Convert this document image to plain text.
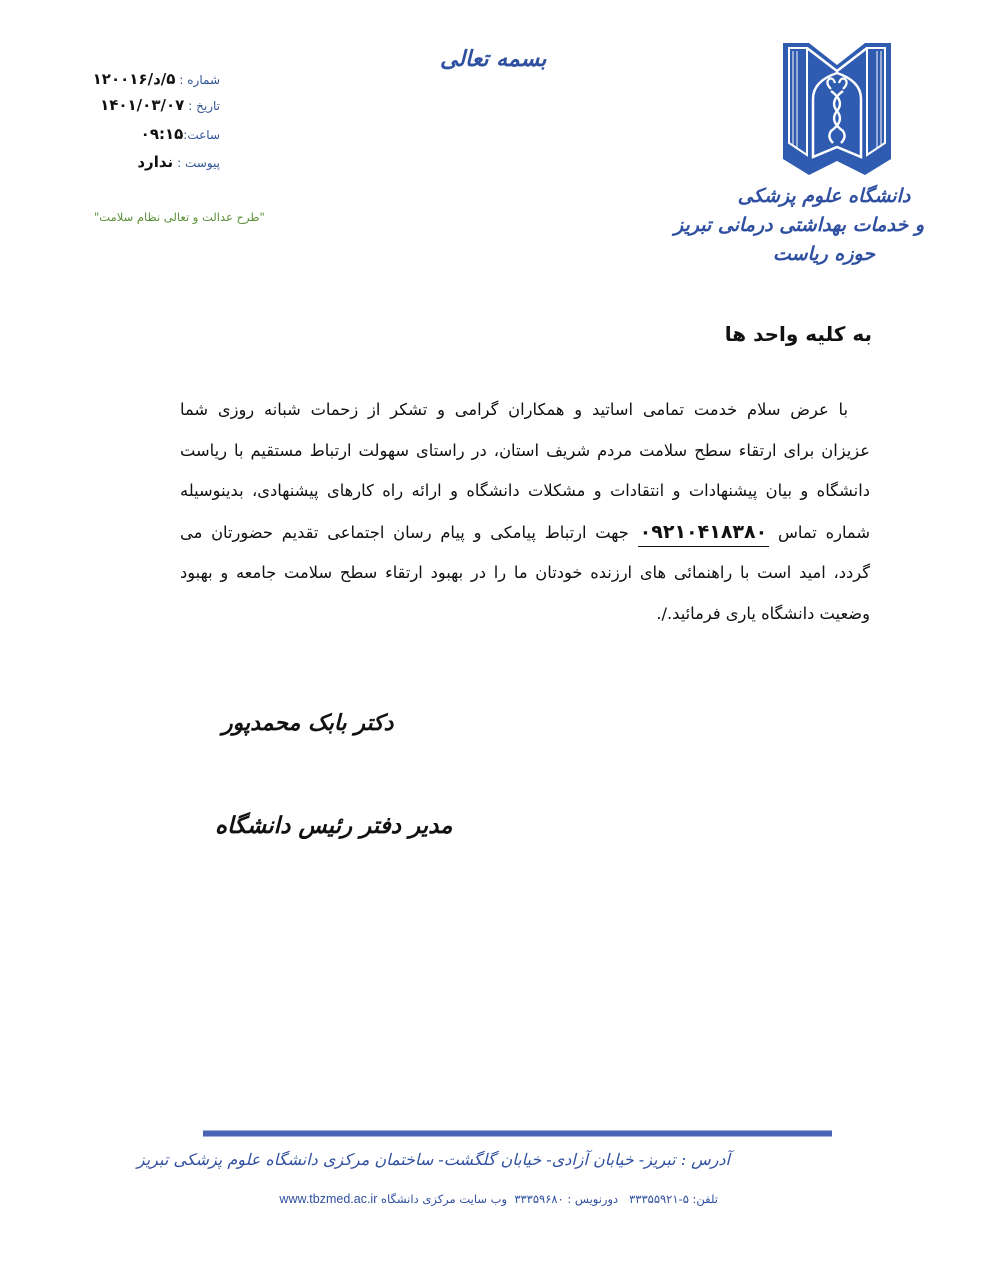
بسمه تعالی
شماره :۵/د/۱۲۰۰۱۶
تاریخ :۱۴۰۱/۰۳/۰۷
ساعت:۰۹:۱۵
پیوست :ندارد
"طرح عدالت و تعالی نظام سلامت"
دانشگاه علوم پزشکی
و خدمات بهداشتی درمانی تبریز
حوزه ریاست
به کلیه واحد ها
با عرض سلام خدمت تمامی اساتید و همکاران گرامی و تشکر از زحمات شبانه روزی شما
عزیزان برای ارتقاء سطح سلامت مردم شریف استان، در راستای سهولت ارتباط مستقیم با ریاست
دانشگاه و بیان پیشنهادات و انتقادات و مشکلات دانشگاه و ارائه راه کارهای پیشنهادی، بدینوسیله
شماره تماس ۰۹۲۱۰۴۱۸۳۸۰ جهت ارتباط پیامکی و پیام رسان اجتماعی تقدیم حضورتان می
گردد، امید است با راهنمائی های ارزنده خودتان ما را در بهبود ارتقاء سطح سلامت جامعه و بهبود
وضعیت دانشگاه یاری فرمائید./.
دکتر بابک محمدپور
مدیر دفتر رئیس دانشگاه
آدرس : تبریز- خیابان آزادی- خیابان گلگشت- ساختمان مرکزی دانشگاه علوم پزشکی تبریز
تلفن: ۵-۳۳۳۵۵۹۲۱   دورنویس : ۳۳۳۵۹۶۸۰  وب سایت مرکزی دانشگاه www.tbzmed.ac.ir
